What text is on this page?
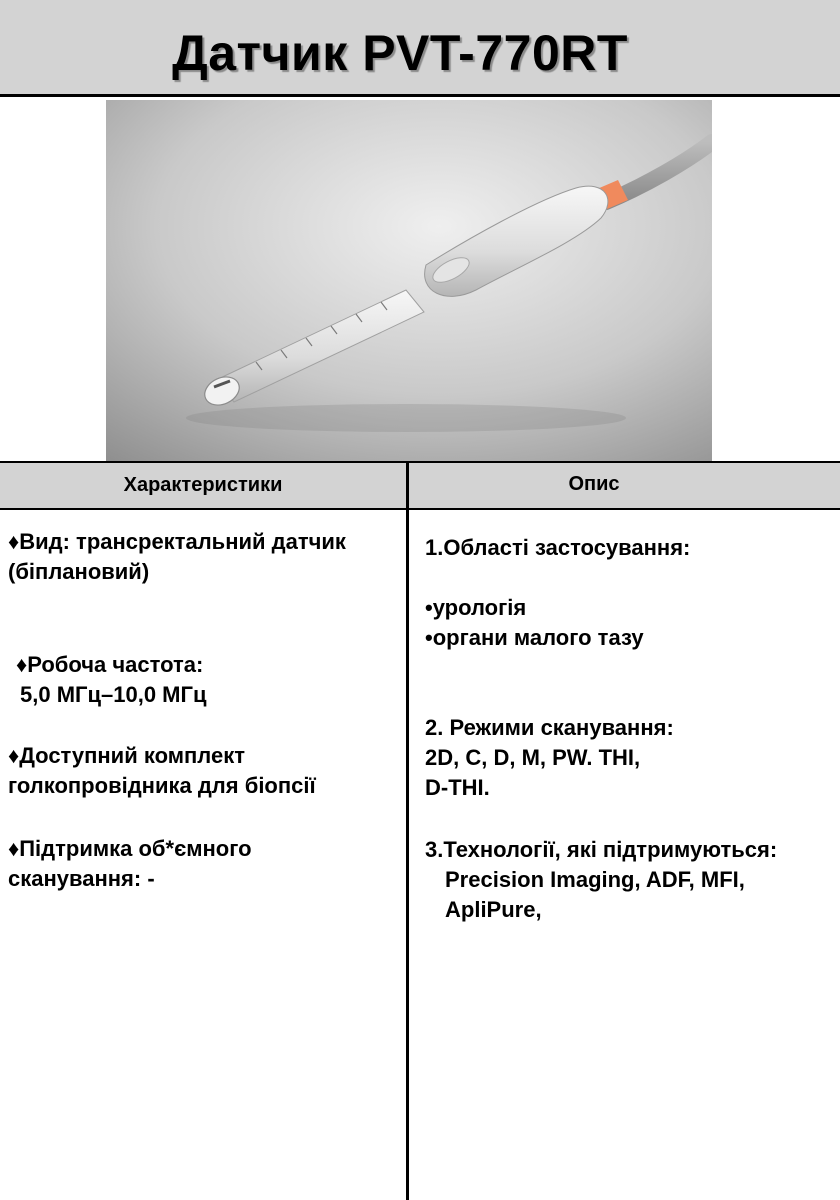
Датчик PVT-770RT
Характеристики	Опис

♦Вид: трансректальний датчик

(біплановий)

♦Робоча частота:

5,0 МГц–10,0 МГц

♦Доступний комплект

голкопровідника для біопсії

♦Підтримка об*ємного

сканування: -

1.Області застосування:

•урологія

•органи малого тазу

2. Режими сканування:

2D, C, D, M, PW. THI,

D-THI.

3.Технології, які підтримуються:

Precision Imaging, ADF, MFI,

ApliPure,
